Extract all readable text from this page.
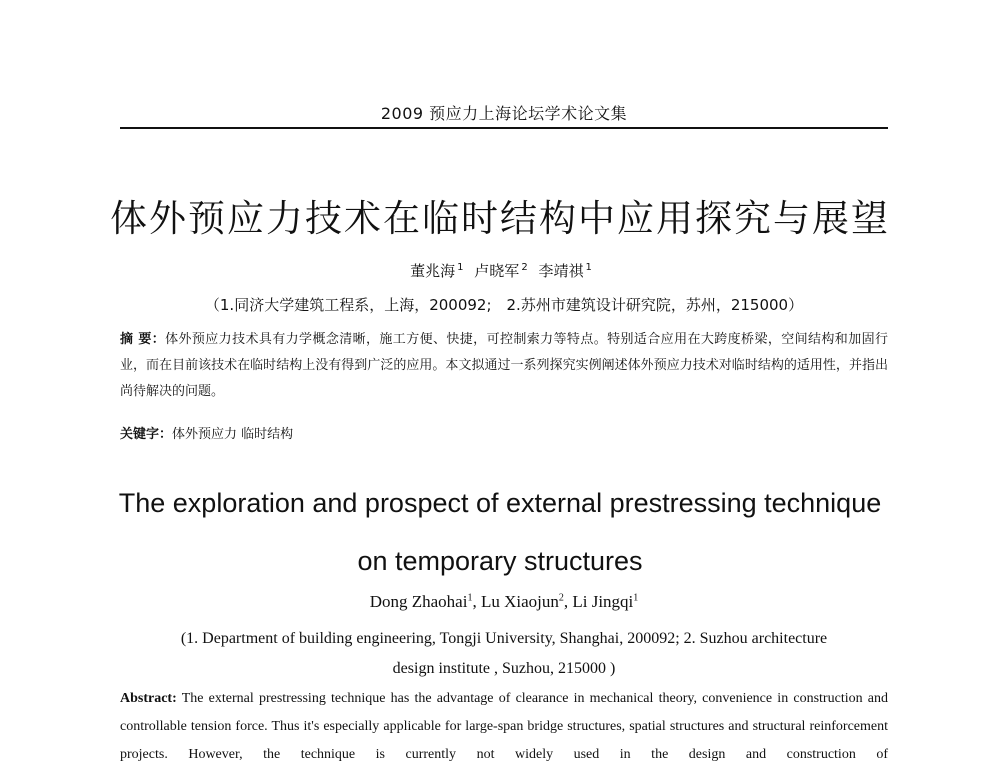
2009 预应力上海论坛学术论文集
体外预应力技术在临时结构中应用探究与展望
董兆海 $^1$ 卢晓军 $^2$ 李靖祺 $^1$
（1.同济大学建筑工程系，上海，200092;　2.苏州市建筑设计研究院，苏州，215000）
摘 要：体外预应力技术具有力学概念清晰，施工方便、快捷，可控制索力等特点。特别适合应用在大跨度桥梁，空间结构和加固行业，而在目前该技术在临时结构上没有得到广泛的应用。本文拟通过一系列探究实例阐述体外预应力技术对临时结构的适用性，并指出尚待解决的问题。
关键字：体外预应力 临时结构
The exploration and prospect of external prestressing technique
on temporary structures
Dong Zhaohai$^1$, Lu Xiaojun$^2$, Li Jingqi$^1$
(1. Department of building engineering, Tongji University, Shanghai, 200092; 2. Suzhou architecture
design institute , Suzhou, 215000 )
Abstract: The external prestressing technique has the advantage of clearance in mechanical theory, convenience in construction and controllable tension force. Thus it's especially applicable for large-span bridge structures, spatial structures and structural reinforcement projects. However, the technique is currently not widely used in the design and construction of
